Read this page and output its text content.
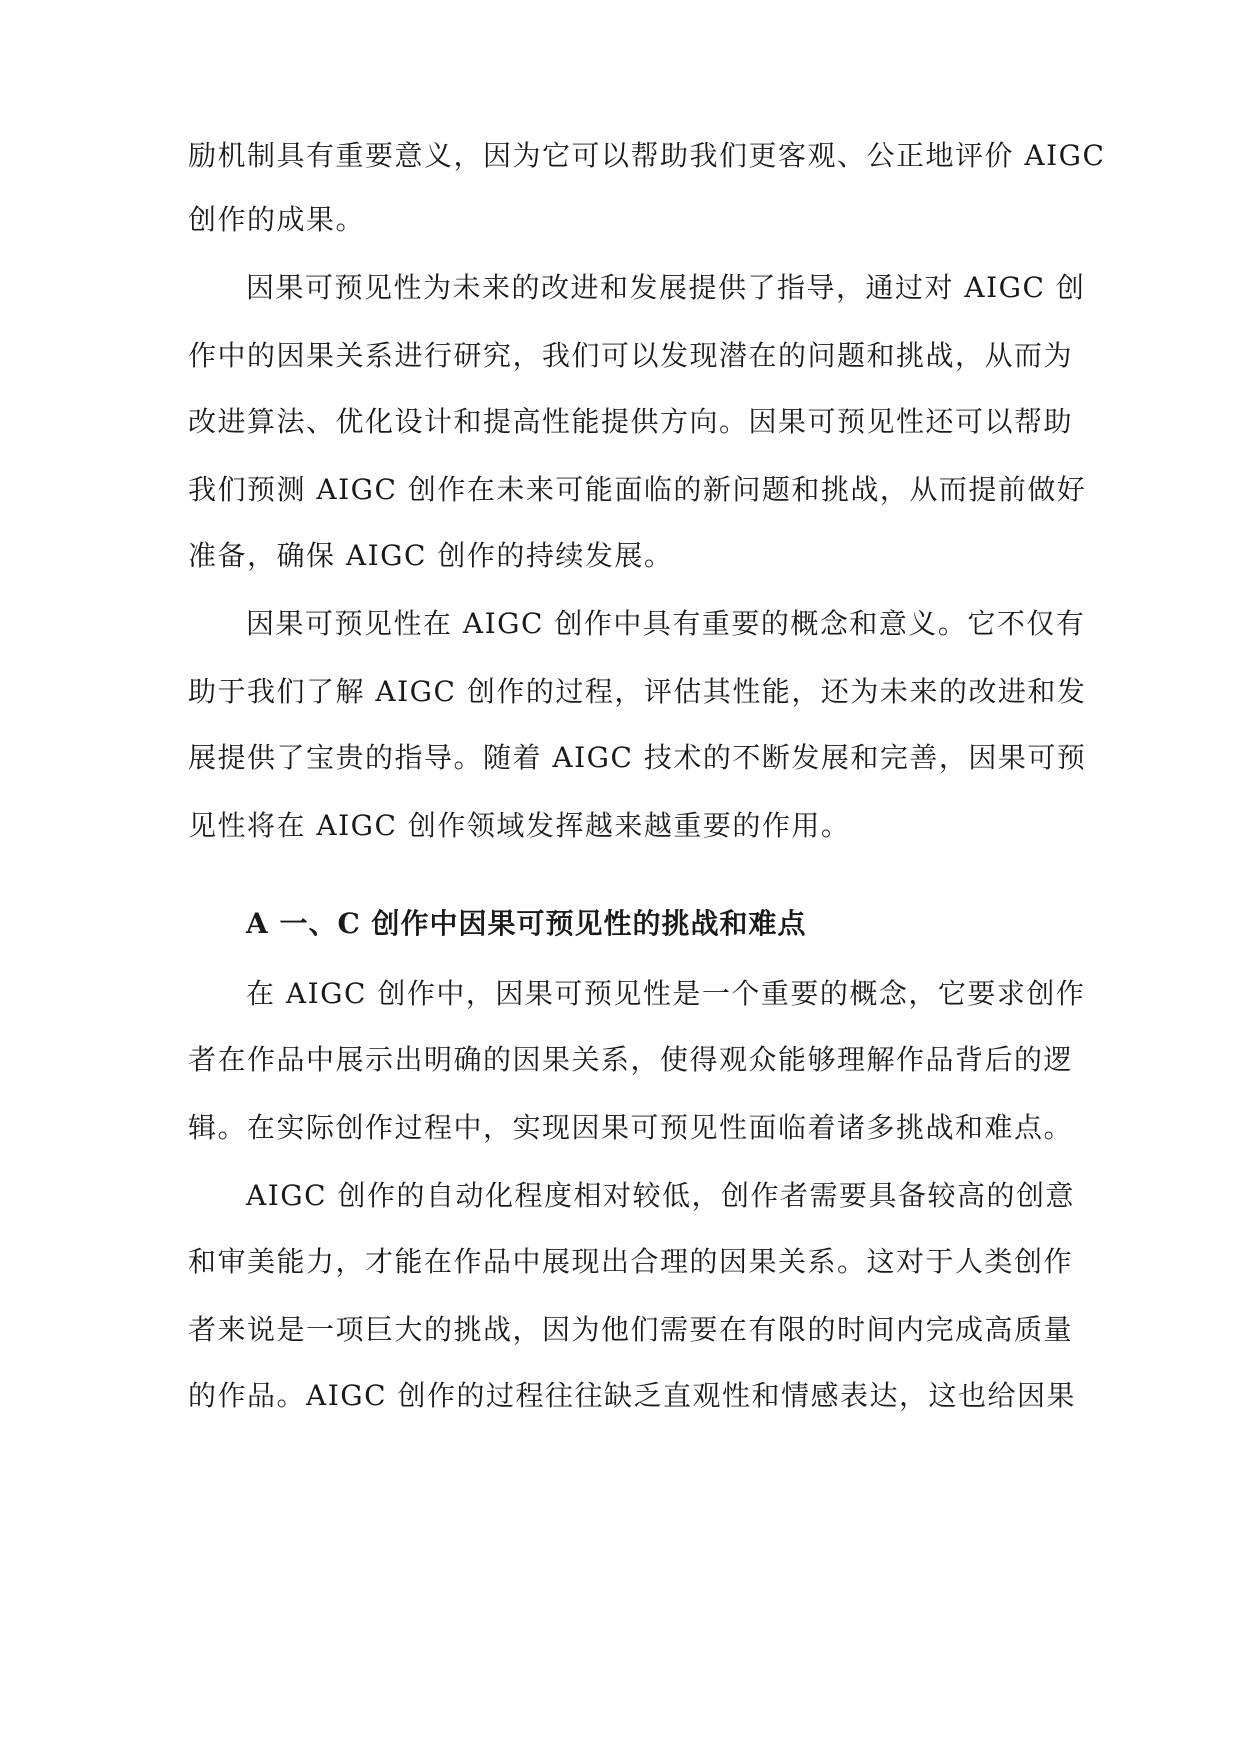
励机制具有重要意义，因为它可以帮助我们更客观、公正地评价 AIGC
创作的成果。
因果可预见性为未来的改进和发展提供了指导，通过对 AIGC 创
作中的因果关系进行研究，我们可以发现潜在的问题和挑战，从而为
改进算法、优化设计和提高性能提供方向。因果可预见性还可以帮助
我们预测 AIGC 创作在未来可能面临的新问题和挑战，从而提前做好
准备，确保 AIGC 创作的持续发展。
因果可预见性在 AIGC 创作中具有重要的概念和意义。它不仅有
助于我们了解 AIGC 创作的过程，评估其性能，还为未来的改进和发
展提供了宝贵的指导。随着 AIGC 技术的不断发展和完善，因果可预
见性将在 AIGC 创作领域发挥越来越重要的作用。
A 一、C 创作中因果可预见性的挑战和难点
在 AIGC 创作中，因果可预见性是一个重要的概念，它要求创作
者在作品中展示出明确的因果关系，使得观众能够理解作品背后的逻
辑。在实际创作过程中，实现因果可预见性面临着诸多挑战和难点。
AIGC 创作的自动化程度相对较低，创作者需要具备较高的创意
和审美能力，才能在作品中展现出合理的因果关系。这对于人类创作
者来说是一项巨大的挑战，因为他们需要在有限的时间内完成高质量
的作品。AIGC 创作的过程往往缺乏直观性和情感表达，这也给因果
